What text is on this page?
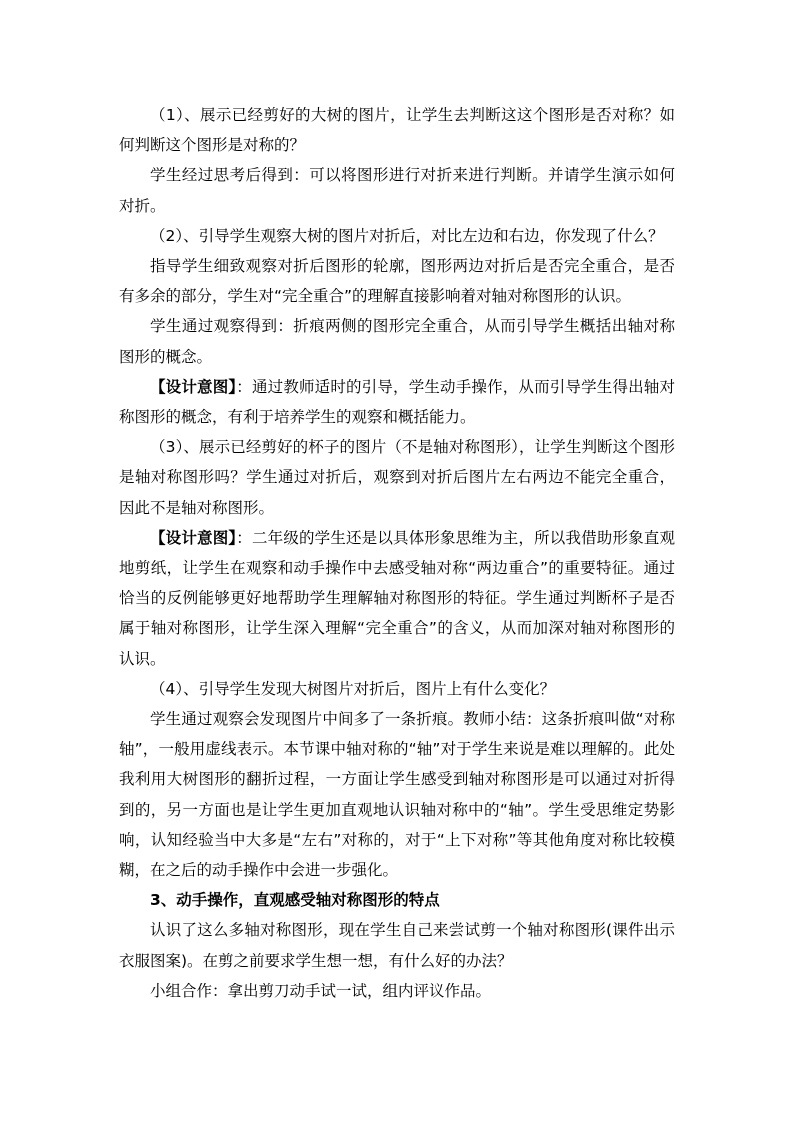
（1）、展示已经剪好的大树的图片，让学生去判断这这个图形是否对称？如何判断这个图形是对称的？

学生经过思考后得到：可以将图形进行对折来进行判断。并请学生演示如何对折。

（2）、引导学生观察大树的图片对折后，对比左边和右边，你发现了什么？

指导学生细致观察对折后图形的轮廓，图形两边对折后是否完全重合，是否有多余的部分，学生对“完全重合”的理解直接影响着对轴对称图形的认识。

学生通过观察得到：折痕两侧的图形完全重合，从而引导学生概括出轴对称图形的概念。

【设计意图】：通过教师适时的引导，学生动手操作，从而引导学生得出轴对称图形的概念，有利于培养学生的观察和概括能力。

（3）、展示已经剪好的杯子的图片（不是轴对称图形），让学生判断这个图形是轴对称图形吗？学生通过对折后，观察到对折后图片左右两边不能完全重合，因此不是轴对称图形。

【设计意图】：二年级的学生还是以具体形象思维为主，所以我借助形象直观地剪纸，让学生在观察和动手操作中去感受轴对称“两边重合”的重要特征。通过恰当的反例能够更好地帮助学生理解轴对称图形的特征。学生通过判断杯子是否属于轴对称图形，让学生深入理解“完全重合”的含义，从而加深对轴对称图形的认识。

（4）、引导学生发现大树图片对折后，图片上有什么变化？

学生通过观察会发现图片中间多了一条折痕。教师小结：这条折痕叫做“对称轴”，一般用虚线表示。本节课中轴对称的“轴”对于学生来说是难以理解的。此处我利用大树图形的翻折过程，一方面让学生感受到轴对称图形是可以通过对折得到的，另一方面也是让学生更加直观地认识轴对称中的“轴”。学生受思维定势影响，认知经验当中大多是“左右”对称的，对于“上下对称”等其他角度对称比较模糊，在之后的动手操作中会进一步强化。

3、动手操作，直观感受轴对称图形的特点

认识了这么多轴对称图形，现在学生自己来尝试剪一个轴对称图形(课件出示衣服图案)。在剪之前要求学生想一想，有什么好的办法？

小组合作：拿出剪刀动手试一试，组内评议作品。
